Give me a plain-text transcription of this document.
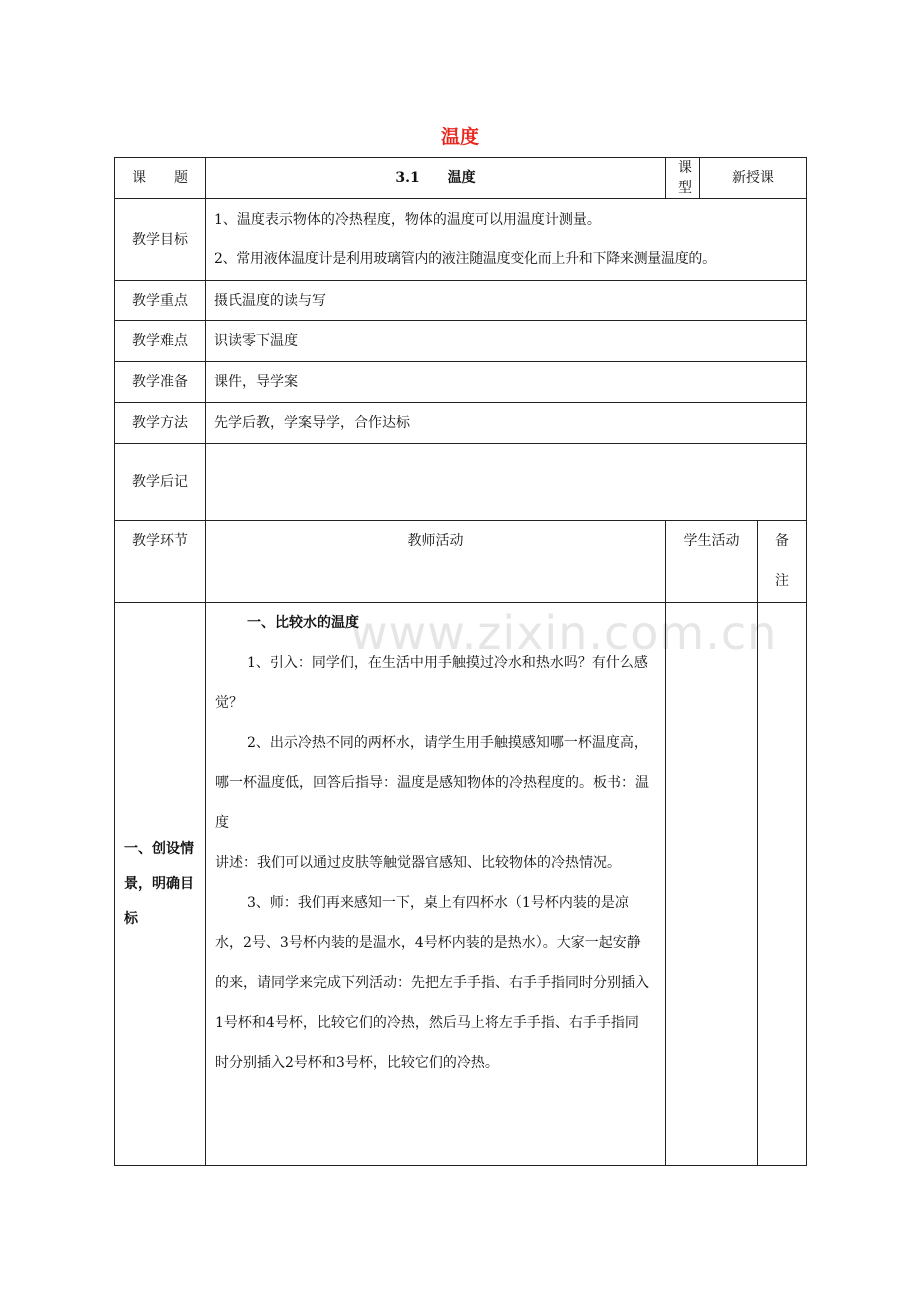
温度
www.zixin.com.cn
课　　题	3.1　　温度	课型	新授课	
教学目标	1、温度表示物体的冷热程度，物体的温度可以用温度计测量。

2、常用液体温度计是利用玻璃管内的液注随温度变化而上升和下降来测量温度的。			

教学重点	摄氏温度的读与写			
教学难点	识读零下温度			
教学准备	课件，导学案			
教学方法	先学后教，学案导学，合作达标			
教学后记				
教学环节	教师活动	学生活动		备
注

一、创设情景，明确目标	一、比较水的温度
1、引入：同学们，在生活中用手触摸过冷水和热水吗？有什么感觉？
2、出示冷热不同的两杯水，请学生用手触摸感知哪一杯温度高，哪一杯温度低，回答后指导：温度是感知物体的冷热程度的。板书：温度
讲述：我们可以通过皮肤等触觉器官感知、比较物体的冷热情况。
3、师：我们再来感知一下，桌上有四杯水（1号杯内装的是凉水，2号、3号杯内装的是温水，4号杯内装的是热水）。大家一起安静的来，请同学来完成下列活动：先把左手手指、右手手指同时分别插入1号杯和4号杯，比较它们的冷热，然后马上将左手手指、右手手指同时分别插入2号杯和3号杯，比较它们的冷热。			
